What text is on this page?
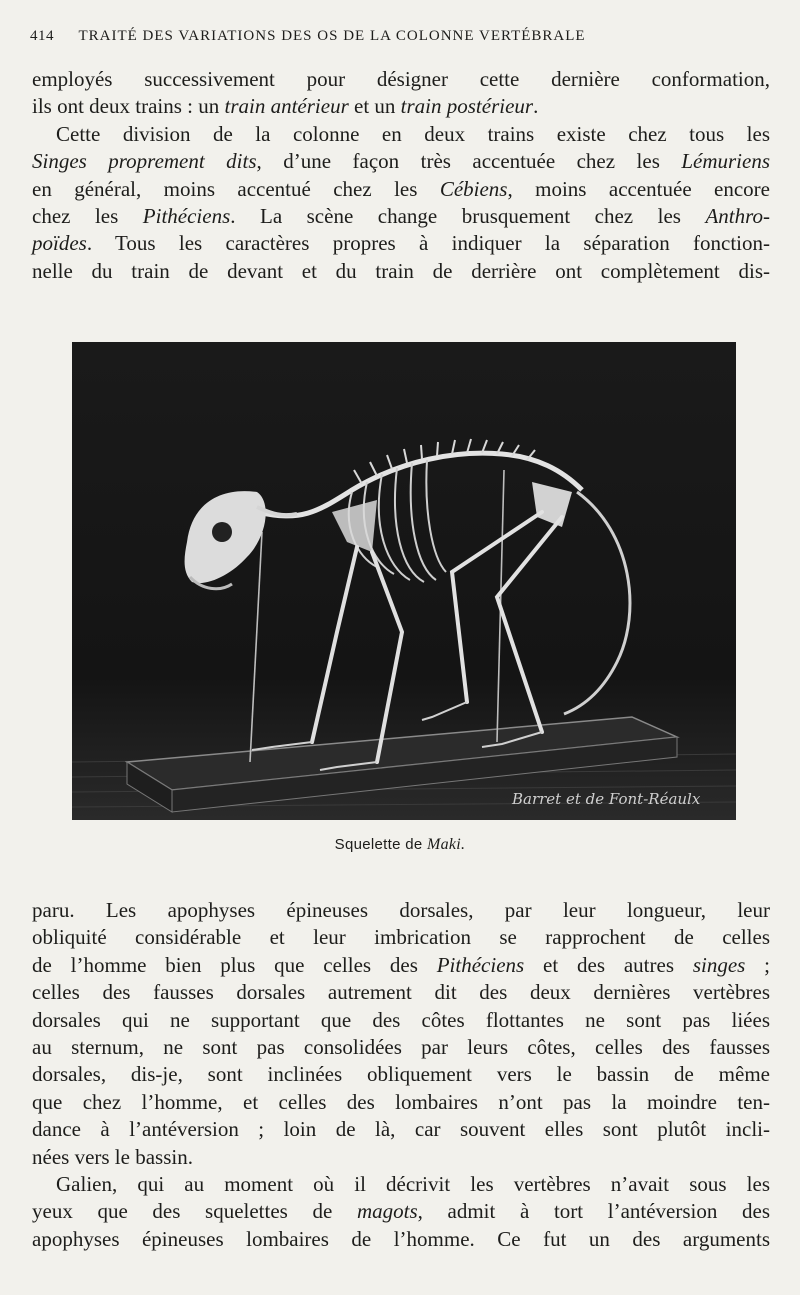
414 TRAITÉ DES VARIATIONS DES OS DE LA COLONNE VERTÉBRALE
employés successivement pour désigner cette dernière conformation,
ils ont deux trains : un train antérieur et un train postérieur.
Cette division de la colonne en deux trains existe chez tous les
Singes proprement dits, d’une façon très accentuée chez les Lémuriens
en général, moins accentué chez les Cébiens, moins accentuée encore
chez les Pithéciens. La scène change brusquement chez les Anthro-
poïdes. Tous les caractères propres à indiquer la séparation fonction-
nelle du train de devant et du train de derrière ont complètement dis-
Barret et de Font-Réaulx
Squelette de Maki.
paru. Les apophyses épineuses dorsales, par leur longueur, leur
obliquité considérable et leur imbrication se rapprochent de celles
de l’homme bien plus que celles des Pithéciens et des autres singes ;
celles des fausses dorsales autrement dit des deux dernières vertèbres
dorsales qui ne supportant que des côtes flottantes ne sont pas liées
au sternum, ne sont pas consolidées par leurs côtes, celles des fausses
dorsales, dis-je, sont inclinées obliquement vers le bassin de même
que chez l’homme, et celles des lombaires n’ont pas la moindre ten-
dance à l’antéversion ; loin de là, car souvent elles sont plutôt incli-
nées vers le bassin.
Galien, qui au moment où il décrivit les vertèbres n’avait sous les
yeux que des squelettes de magots, admit à tort l’antéversion des
apophyses épineuses lombaires de l’homme. Ce fut un des arguments
